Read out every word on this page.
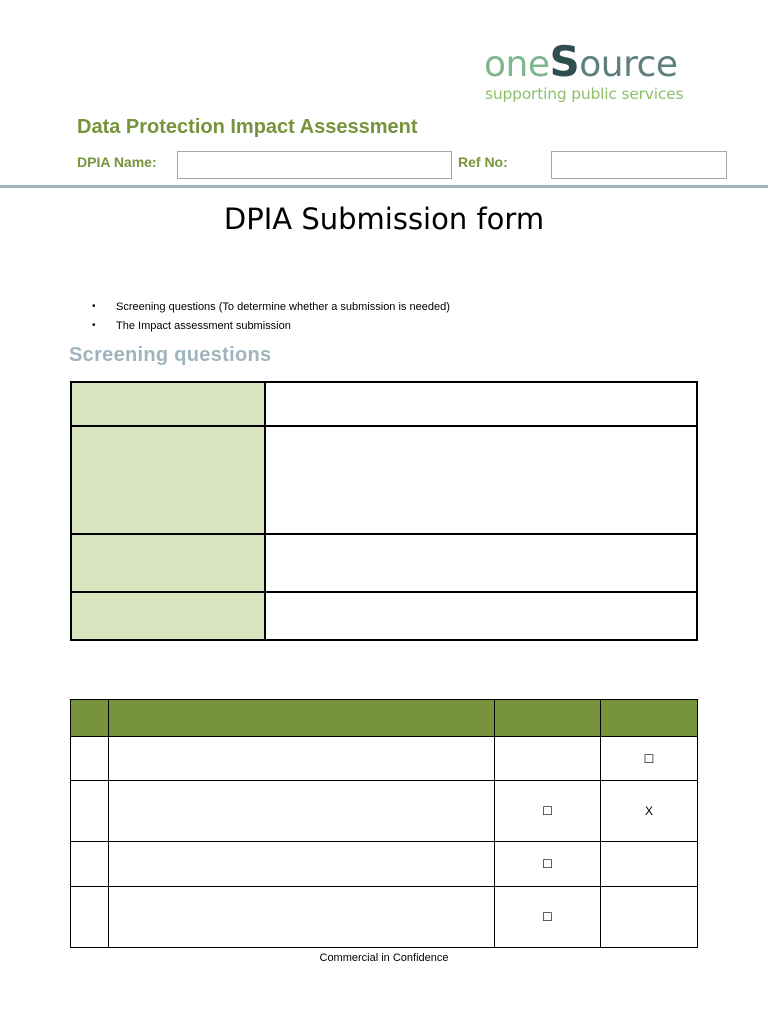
oneSource
supporting public services
Data Protection Impact Assessment
DPIA Name:	Ref No:
DPIA Submission form
•	Screening questions (To determine whether a submission is needed)
•	The Impact assessment submission
Screening questions

			☐
		☐	X
		☐	
		☐	
Commercial in Confidence
